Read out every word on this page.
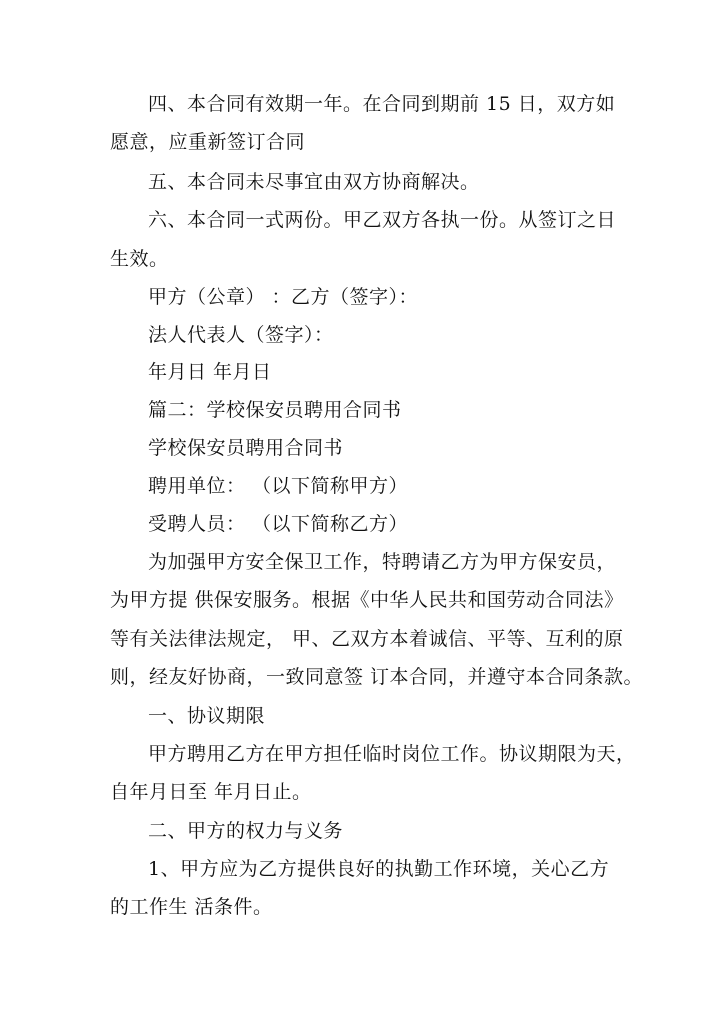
四、本合同有效期一年。在合同到期前 15 日，双方如
愿意，应重新签订合同
五、本合同未尽事宜由双方协商解决。
六、本合同一式两份。甲乙双方各执一份。从签订之日
生效。
甲方（公章） ：乙方（签字）：
法人代表人（签字）：
年月日 年月日
篇二：学校保安员聘用合同书
学校保安员聘用合同书
聘用单位： （以下简称甲方）
受聘人员： （以下简称乙方）
为加强甲方安全保卫工作，特聘请乙方为甲方保安员，
为甲方提 供保安服务。根据《中华人民共和国劳动合同法》
等有关法律法规定， 甲、乙双方本着诚信、平等、互利的原
则，经友好协商，一致同意签 订本合同，并遵守本合同条款。
一、协议期限
甲方聘用乙方在甲方担任临时岗位工作。协议期限为天，
自年月日至 年月日止。
二、甲方的权力与义务
1、甲方应为乙方提供良好的执勤工作环境，关心乙方
的工作生 活条件。
